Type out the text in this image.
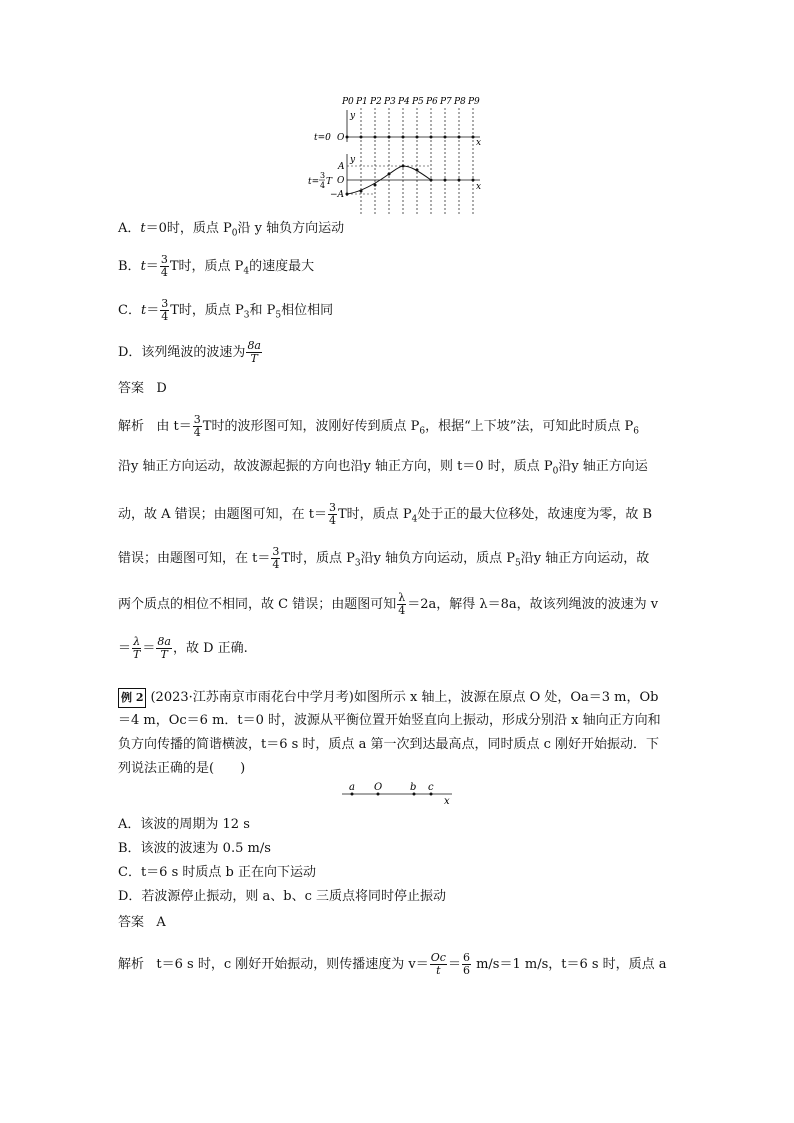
P0 P1 P2 P3 P4 P5 P6 P7 P8 P9
y
x
t=0 O
y
x
A
O
−A
t=
3
4 T
A．t＝0时，质点 $P_0$沿 y 轴负方向运动
B．$t= \frac{3}{4}$ T时，质点 $P_4$的速度最大
C．$t= \frac{3}{4}$ T时，质点 $P_3$和 $P_5$相位相同
D．该列绳波的波速为 $\frac{8a}{T}$
答案 D
解析 由 $t= \frac{3}{4}$ T时的波形图可知，波刚好传到质点 $P_6$，根据“上下坡”法，可知此时质点 $P_6$
沿y 轴正方向运动，故波源起振的方向也沿y 轴正方向，则 t＝0 时，质点 $P_0$沿y 轴正方向运
动，故 A 错误；由题图可知，在 $t= \frac{3}{4}$ T时，质点 $P_4$处于正的最大位移处，故速度为零，故 B
错误；由题图可知，在 $t= \frac{3}{4}$ T时，质点 $P_3$沿y 轴负方向运动，质点 $P_5$沿y 轴正方向运动，故
两个质点的相位不相同，故 C 错误；由题图可知 $\frac{\lambda}{4} =2a$，解得 λ＝8a，故该列绳波的波速为 v
＝ $\frac{\lambda}{T} = \frac{8a}{T}$ ，故 D 正确.
例 2 (2023·江苏南京市雨花台中学月考)如图所示 x 轴上，波源在原点 O 处，Oa＝3 m，Ob
＝4 m，Oc＝6 m．t＝0 时，波源从平衡位置开始竖直向上振动，形成分别沿 x 轴向正方向和
负方向传播的简谐横波，t＝6 s 时，质点 a 第一次到达最高点，同时质点 c 刚好开始振动．下
列说法正确的是(　　)
a O	b c
x
A．该波的周期为 12 s
B．该波的波速为 0.5 m/s
C．t＝6 s 时质点 b 正在向下运动
D．若波源停止振动，则 a、b、c 三质点将同时停止振动
答案 A
解析 t＝6 s 时，c 刚好开始振动，则传播速度为 $v= \frac{Oc}{t} = \frac{6}{6} m/s=1$ m/s，t＝6 s 时，质点 a
